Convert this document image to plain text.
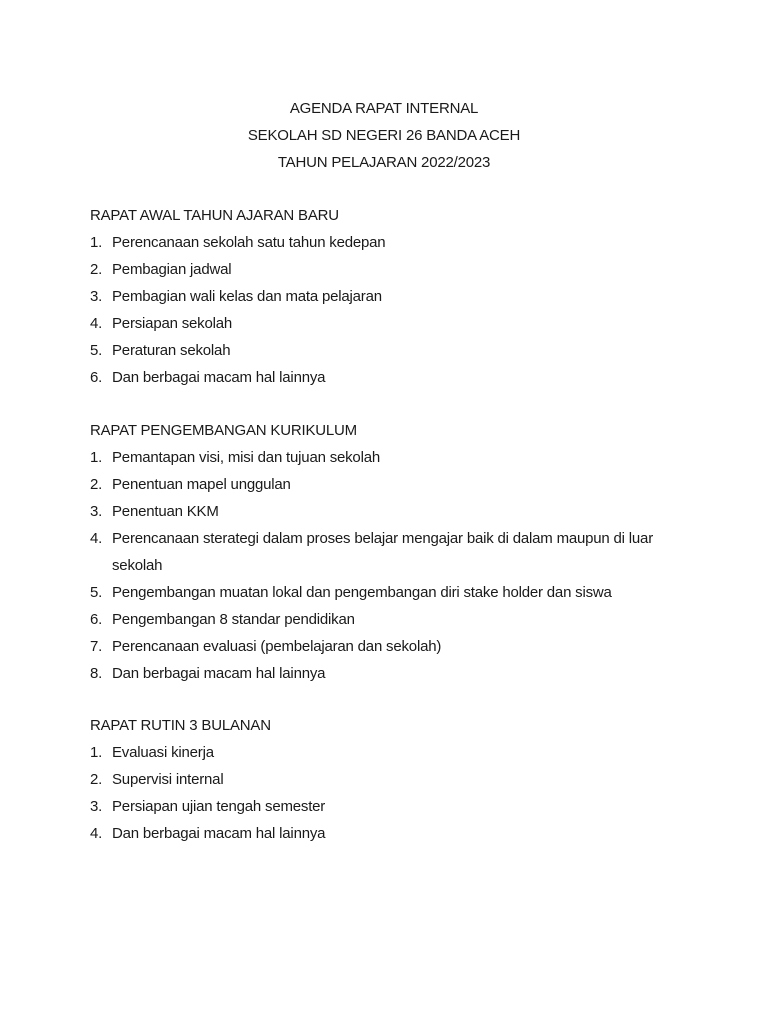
AGENDA RAPAT INTERNAL
SEKOLAH SD NEGERI 26 BANDA ACEH
TAHUN PELAJARAN 2022/2023
RAPAT AWAL TAHUN AJARAN BARU
1. Perencanaan sekolah satu tahun kedepan
2. Pembagian jadwal
3. Pembagian wali kelas dan mata pelajaran
4. Persiapan sekolah
5. Peraturan sekolah
6. Dan berbagai macam hal lainnya
RAPAT PENGEMBANGAN KURIKULUM
1. Pemantapan visi, misi dan tujuan sekolah
2. Penentuan mapel unggulan
3. Penentuan KKM
4. Perencanaan sterategi dalam proses belajar mengajar baik di dalam maupun di luar sekolah
5. Pengembangan muatan lokal dan pengembangan diri stake holder dan siswa
6. Pengembangan 8 standar pendidikan
7. Perencanaan evaluasi (pembelajaran dan sekolah)
8. Dan berbagai macam hal lainnya
RAPAT RUTIN 3 BULANAN
1. Evaluasi kinerja
2. Supervisi internal
3. Persiapan ujian tengah semester
4. Dan berbagai macam hal lainnya
